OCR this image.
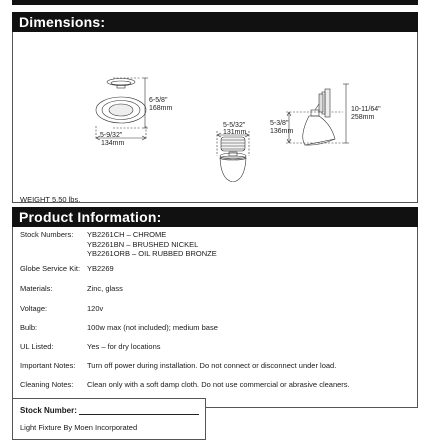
Dimensions:
6-5/8"
168mm
5-9/32"
134mm
5-5/32"
131mm
5-3/8"
136mm
10-11/64"
258mm
WEIGHT 5.50 lbs.
Product Information:
Stock Numbers:	YB2261CH – CHROME
YB2261BN – BRUSHED NICKEL
YB2261ORB – OIL RUBBED BRONZE
Globe Service Kit: YB2269
Materials:	Zinc, glass
Voltage:	120v
Bulb:	100w max (not included); medium base
UL Listed:	Yes – for dry locations
Important Notes:	Turn off power during installation. Do not connect or disconnect under load.
Cleaning Notes:	Clean only with a soft damp cloth. Do not use commercial or abrasive cleaners.
Stock Number:
Light Fixture By Moen Incorporated
